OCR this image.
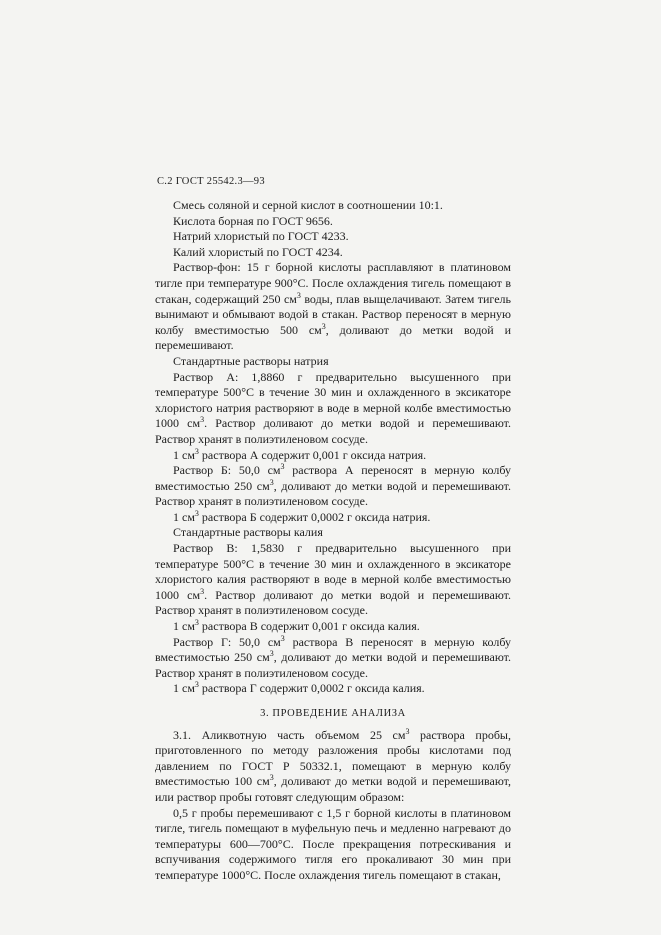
С.2 ГОСТ 25542.3—93

Смесь соляной и серной кислот в соотношении 10:1.

Кислота борная по ГОСТ 9656.

Натрий хлористый по ГОСТ 4233.

Калий хлористый по ГОСТ 4234.

Раствор-фон: 15 г борной кислоты расплавляют в платиновом тигле при температуре 900°С. После охлаждения тигель помещают в стакан, содержащий 250 $см^3$ воды, плав выщелачивают. Затем тигель вынимают и обмывают водой в стакан. Раствор переносят в мерную колбу вместимостью 500 $см^3$, доливают до метки водой и перемешивают.

Стандартные растворы натрия

Раствор А: 1,8860 г предварительно высушенного при температуре 500°С в течение 30 мин и охлажденного в эксикаторе хлористого натрия растворяют в воде в мерной колбе вместимостью 1000 $см^3$. Раствор доливают до метки водой и перемешивают. Раствор хранят в полиэтиленовом сосуде.

1 $см^3$ раствора А содержит 0,001 г оксида натрия.

Раствор Б: 50,0 $см^3$ раствора А переносят в мерную колбу вместимостью 250 $см^3$, доливают до метки водой и перемешивают. Раствор хранят в полиэтиленовом сосуде.

1 $см^3$ раствора Б содержит 0,0002 г оксида натрия.

Стандартные растворы калия

Раствор В: 1,5830 г предварительно высушенного при температуре 500°С в течение 30 мин и охлажденного в эксикаторе хлористого калия растворяют в воде в мерной колбе вместимостью 1000 $см^3$. Раствор доливают до метки водой и перемешивают. Раствор хранят в полиэтиленовом сосуде.

1 $см^3$ раствора В содержит 0,001 г оксида калия.

Раствор Г: 50,0 $см^3$ раствора В переносят в мерную колбу вместимостью 250 $см^3$, доливают до метки водой и перемешивают. Раствор хранят в полиэтиленовом сосуде.

1 $см^3$ раствора Г содержит 0,0002 г оксида калия.

3. ПРОВЕДЕНИЕ АНАЛИЗА

3.1. Аликвотную часть объемом 25 $см^3$ раствора пробы, приготовленного по методу разложения пробы кислотами под давлением по ГОСТ Р 50332.1, помещают в мерную колбу вместимостью 100 $см^3$, доливают до метки водой и перемешивают, или раствор пробы готовят следующим образом:

0,5 г пробы перемешивают с 1,5 г борной кислоты в платиновом тигле, тигель помещают в муфельную печь и медленно нагревают до температуры 600—700°С. После прекращения потрескивания и вспучивания содержимого тигля его прокаливают 30 мин при температуре 1000°С. После охлаждения тигель помещают в стакан,
